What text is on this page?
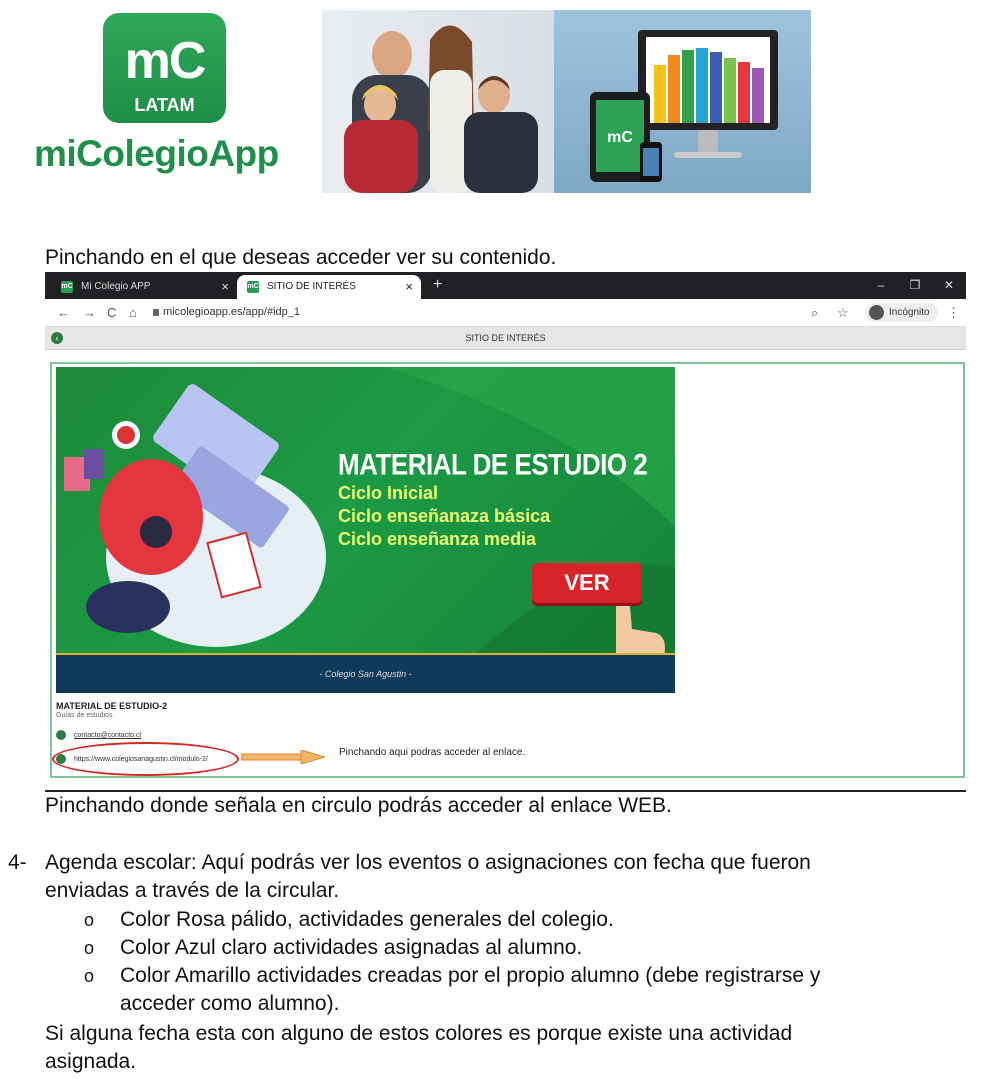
mC
LATAM
miColegioApp	mC
Pinchando en el que deseas acceder ver su contenido.
mC Mi Colegio APP	×	mC SITIO DE INTERÉS	× +	–	❐	✕
← → C ⌂ micolegioapp.es/app/#idp_1	⌕ ☆	Incógnito	⋮
‹	SITIO DE INTERÉS
MATERIAL DE ESTUDIO 2
Ciclo Inicial
Ciclo enseñanaza básica
Ciclo enseñanza media
VER
- Colegio San Agustin -
MATERIAL DE ESTUDIO-2
Guías de estudios.
contacto@contacto.cl
https://www.colegiosanagustin.cl/modulo-2/
Pinchando aqui podras acceder al enlace.
Pinchando donde señala en circulo podrás acceder al enlace WEB.
4- Agenda escolar: Aquí podrás ver los eventos o asignaciones con fecha que fueron
enviadas a través de la circular.
o Color Rosa pálido, actividades generales del colegio.
o Color Azul claro actividades asignadas al alumno.
o Color Amarillo actividades creadas por el propio alumno (debe registrarse y
acceder como alumno).
Si alguna fecha esta con alguno de estos colores es porque existe una actividad
asignada.
